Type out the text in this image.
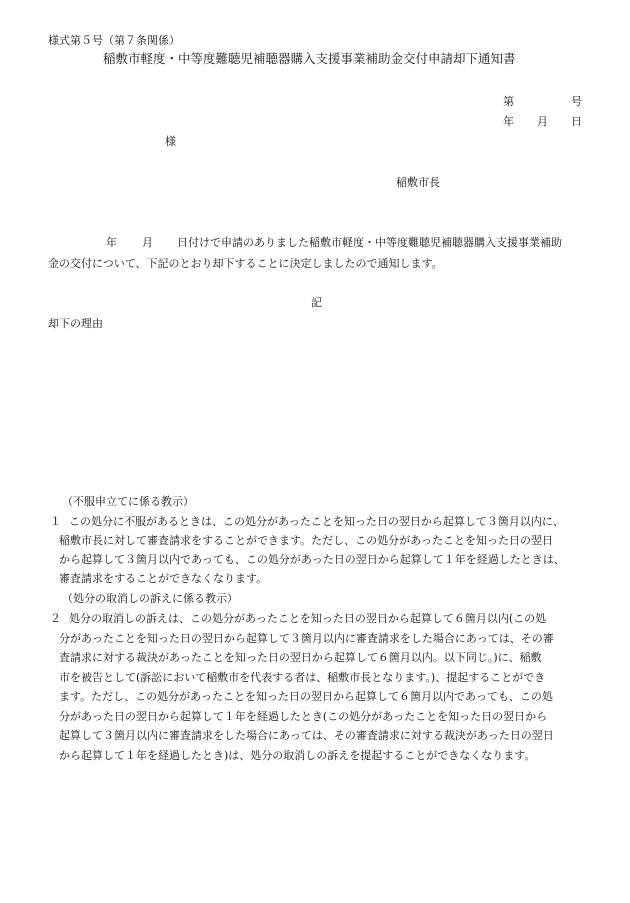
様式第５号（第７条関係）
稲敷市軽度・中等度難聴児補聴器購入支援事業補助金交付申請却下通知書
第	号
年 月 日
様
稲敷市長
年 月 日付けで申請のありました稲敷市軽度・中等度難聴児補聴器購入支援事業補助
金の交付について、下記のとおり却下することに決定しましたので通知します。
記
却下の理由
（不服申立てに係る教示）
１ この処分に不服があるときは、この処分があったことを知った日の翌日から起算して３箇月以内に、
稲敷市長に対して審査請求をすることができます。ただし、この処分があったことを知った日の翌日
から起算して３箇月以内であっても、この処分があった日の翌日から起算して１年を経過したときは、
審査請求をすることができなくなります。
（処分の取消しの訴えに係る教示）
２ 処分の取消しの訴えは、この処分があったことを知った日の翌日から起算して６箇月以内(この処
分があったことを知った日の翌日から起算して３箇月以内に審査請求をした場合にあっては、その審
査請求に対する裁決があったことを知った日の翌日から起算して６箇月以内。以下同じ。)に、稲敷
市を被告として(訴訟において稲敷市を代表する者は、稲敷市長となります。)、提起することができ
ます。ただし、この処分があったことを知った日の翌日から起算して６箇月以内であっても、この処
分があった日の翌日から起算して１年を経過したとき(この処分があったことを知った日の翌日から
起算して３箇月以内に審査請求をした場合にあっては、その審査請求に対する裁決があった日の翌日
から起算して１年を経過したとき)は、処分の取消しの訴えを提起することができなくなります。
